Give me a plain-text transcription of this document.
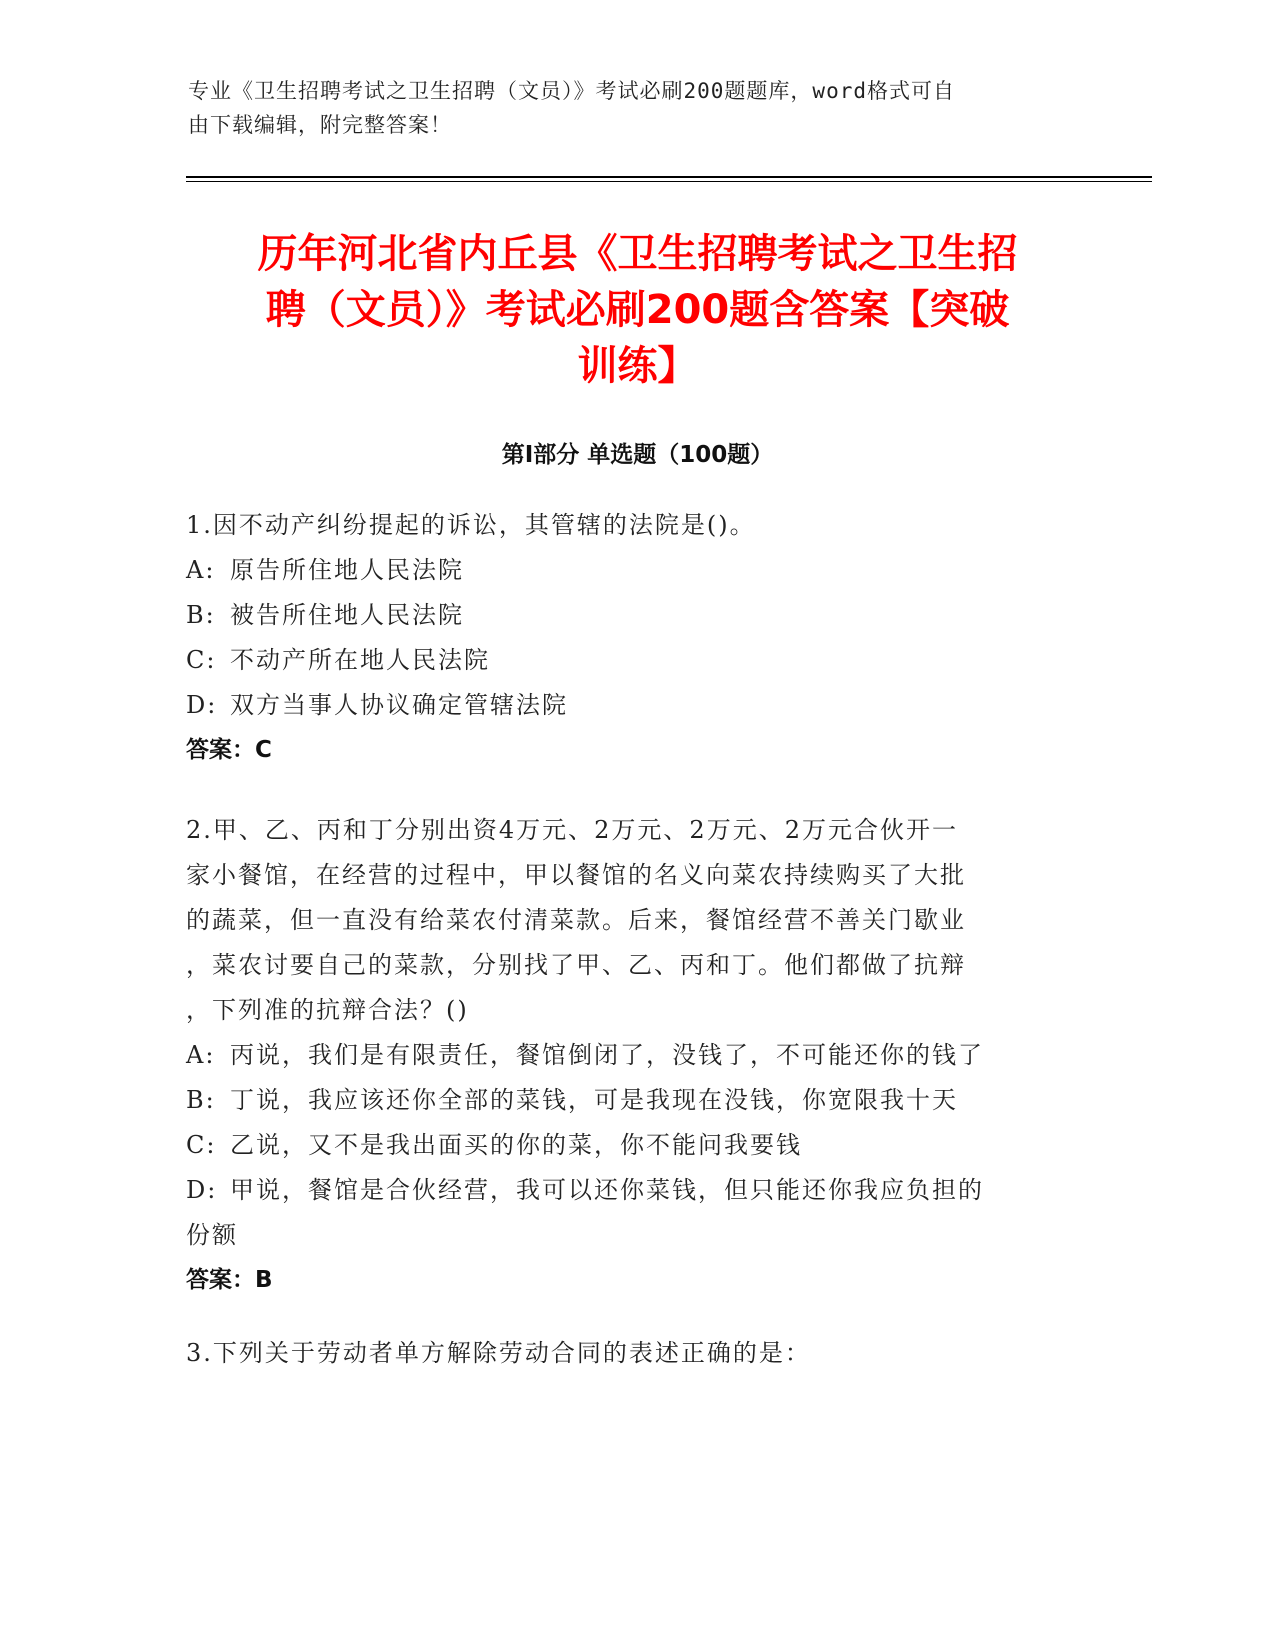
专业《卫生招聘考试之卫生招聘（文员）》考试必刷200题题库，word格式可自
由下载编辑，附完整答案！
历年河北省内丘县《卫生招聘考试之卫生招
聘（文员）》考试必刷200题含答案【突破
训练】
第Ⅰ部分 单选题（100题）
1.因不动产纠纷提起的诉讼，其管辖的法院是()。
A: 原告所住地人民法院
B: 被告所住地人民法院
C: 不动产所在地人民法院
D: 双方当事人协议确定管辖法院
答案：C
2.甲、乙、丙和丁分别出资4万元、2万元、2万元、2万元合伙开一
家小餐馆，在经营的过程中，甲以餐馆的名义向菜农持续购买了大批
的蔬菜，但一直没有给菜农付清菜款。后来，餐馆经营不善关门歇业
，菜农讨要自己的菜款，分别找了甲、乙、丙和丁。他们都做了抗辩
，下列准的抗辩合法？()
A: 丙说，我们是有限责任，餐馆倒闭了，没钱了，不可能还你的钱了
B: 丁说，我应该还你全部的菜钱，可是我现在没钱，你宽限我十天
C: 乙说，又不是我出面买的你的菜，你不能问我要钱
D: 甲说，餐馆是合伙经营，我可以还你菜钱，但只能还你我应负担的
份额
答案：B
3.下列关于劳动者单方解除劳动合同的表述正确的是：
